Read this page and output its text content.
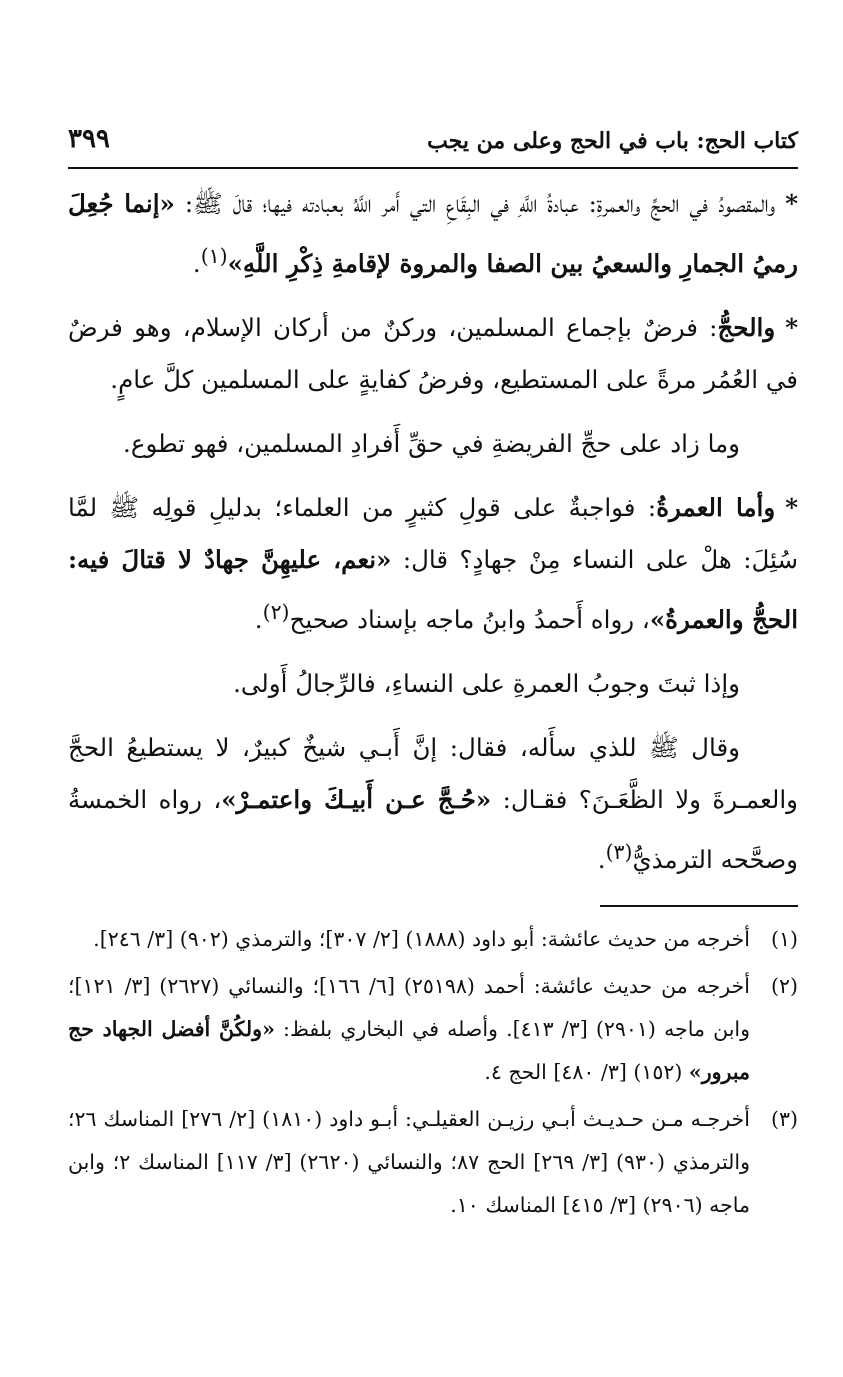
كتاب الحج: باب في الحج وعلى من يجب
٣٩٩

*والمقصودُ في الحجِّ والعمرةِ: عبادةُ اللَّهِ في البِقَاعِ التي أَمر اللَّهُ بعبادته فيها؛ قالَ ﷺ: «إنما جُعِلَ رميُ الجمارِ والسعيُ بين الصفا والمروة لإقامةِ ذِكْرِ اللَّهِ»$^{(١)}$.

*والحجُّ: فرضٌ بإجماع المسلمين، وركنٌ من أركان الإسلام، وهو فرضٌ في العُمُر مرةً على المستطيع، وفرضُ كفايةٍ على المسلمين كلَّ عامٍ.

وما زاد على حجِّ الفريضةِ في حقِّ أَفرادِ المسلمين، فهو تطوع.

*وأما العمرةُ: فواجبةٌ على قولِ كثيرٍ من العلماء؛ بدليلِ قولِه ﷺ لمَّا سُئِلَ: هلْ على النساء مِنْ جهادٍ؟ قال: «نعم، عليهِنَّ جهادٌ لا قتالَ فيه: الحجُّ والعمرةُ»، رواه أَحمدُ وابنُ ماجه بإسناد صحيح$^{(٢)}$.

وإذا ثبتَ وجوبُ العمرةِ على النساءِ، فالرِّجالُ أَولى.

وقال ﷺ للذي سأَله، فقال: إنَّ أَبـي شيخٌ كبيرٌ، لا يستطيعُ الحجَّ والعمـرةَ ولا الظَّعَـنَ؟ فقـال: «حُـجَّ عـن أَبيـكَ واعتمـرْ»، رواه الخمسةُ وصحَّحه الترمذيُّ$^{(٣)}$.

(١)
أخرجه من حديث عائشة: أبو داود (١٨٨٨) [٢/ ٣٠٧]؛ والترمذي (٩٠٢) [٣/ ٢٤٦].
(٢)
أخرجه من حديث عائشة: أحمد (٢٥١٩٨) [٦/ ١٦٦]؛ والنسائي (٢٦٢٧) [٣/ ١٢١]؛ وابن ماجه (٢٩٠١) [٣/ ٤١٣]. وأصله في البخاري بلفظ: «ولكُنَّ أفضل الجهاد حج مبرور» (١٥٢) [٣/ ٤٨٠] الحج ٤.
(٣)
أخرجـه مـن حـديـث أبـي رزيـن العقيلـي: أبـو داود (١٨١٠) [٢/ ٢٧٦] المناسك ٢٦؛ والترمذي (٩٣٠) [٣/ ٢٦٩] الحج ٨٧؛ والنسائي (٢٦٢٠) [٣/ ١١٧] المناسك ٢؛ وابن ماجه (٢٩٠٦) [٣/ ٤١٥] المناسك ١٠.
